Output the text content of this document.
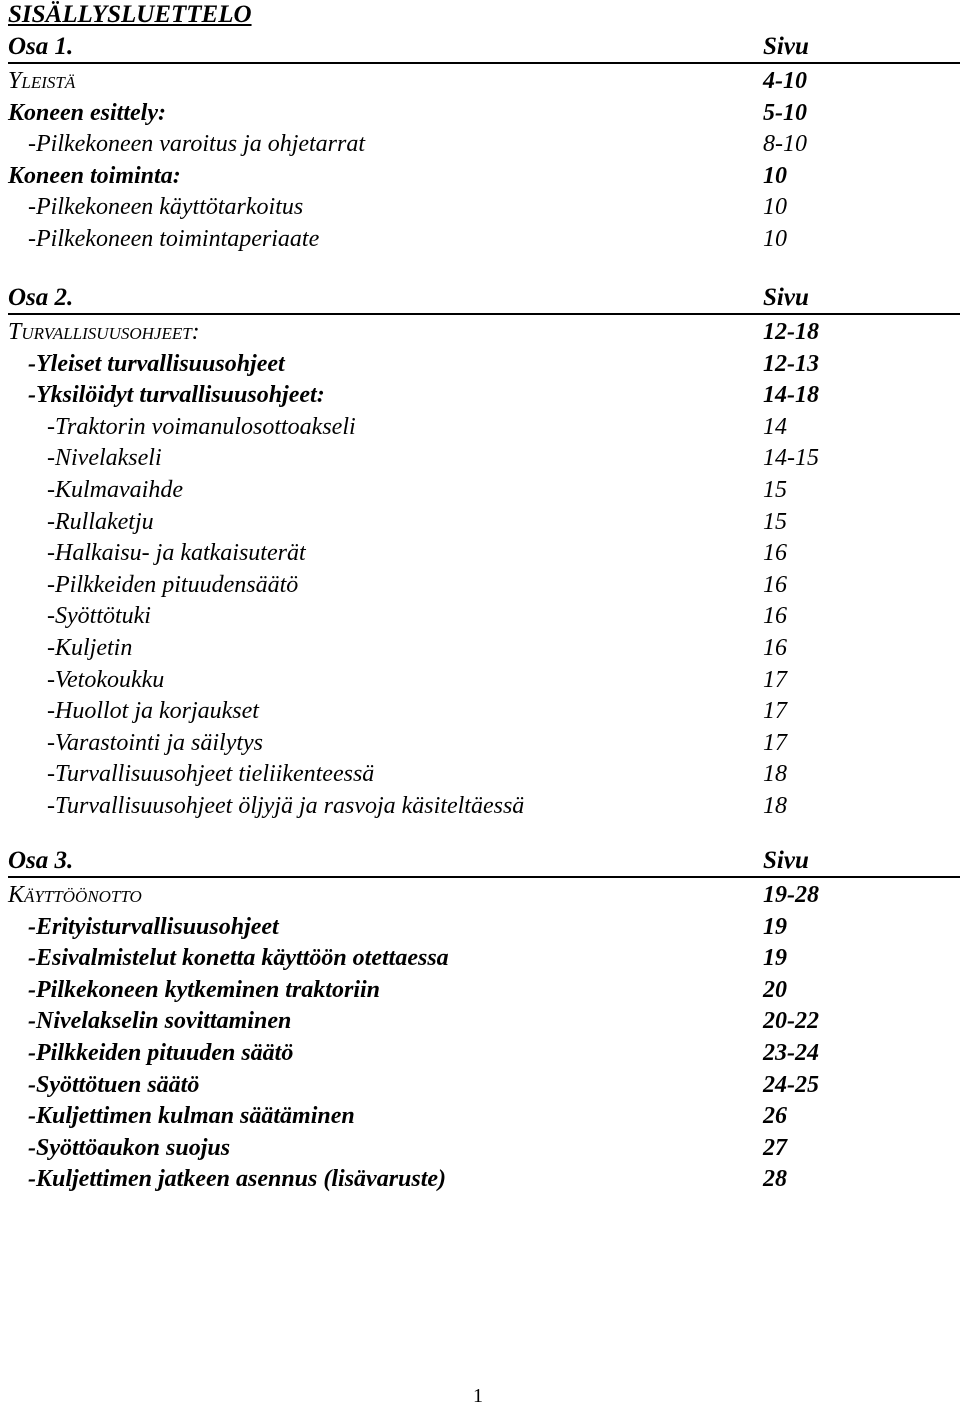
SISÄLLYSLUETTELO
Osa 1.	Sivu
YLEISTÄ	4-10
Koneen esittely:	5-10
-Pilkekoneen varoitus ja ohjetarrat	8-10
Koneen toiminta:	10
-Pilkekoneen käyttötarkoitus	10
-Pilkekoneen toimintaperiaate	10
Osa 2.	Sivu
TURVALLISUUSOHJEET:	12-18
-Yleiset turvallisuusohjeet	12-13
-Yksilöidyt turvallisuusohjeet:	14-18
-Traktorin voimanulosottoakseli	14
-Nivelakseli	14-15
-Kulmavaihde	15
-Rullaketju	15
-Halkaisu- ja katkaisuterät	16
-Pilkkeiden pituudensäätö	16
-Syöttötuki	16
-Kuljetin	16
-Vetokoukku	17
-Huollot ja korjaukset	17
-Varastointi ja säilytys	17
-Turvallisuusohjeet tieliikenteessä	18
-Turvallisuusohjeet öljyjä ja rasvoja käsiteltäessä	18
Osa 3.	Sivu
KÄYTTÖÖNOTTO	19-28
-Erityisturvallisuusohjeet	19
-Esivalmistelut konetta käyttöön otettaessa	19
-Pilkekoneen kytkeminen traktoriin	20
-Nivelakselin sovittaminen	20-22
-Pilkkeiden pituuden säätö	23-24
-Syöttötuen säätö	24-25
-Kuljettimen kulman säätäminen	26
-Syöttöaukon suojus	27
-Kuljettimen jatkeen asennus (lisävaruste)	28
1
